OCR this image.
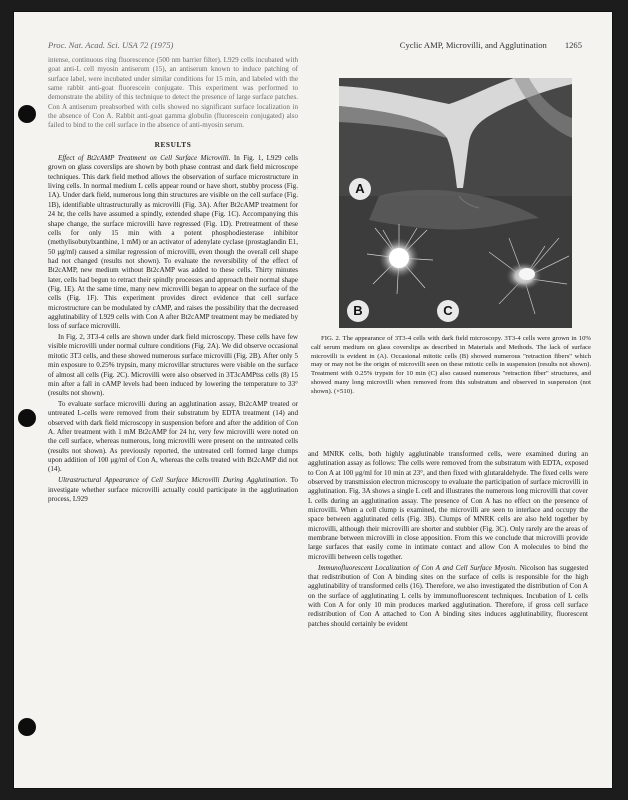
Proc. Nat. Acad. Sci. USA 72 (1975)	Cyclic AMP, Microvilli, and Agglutination 1265

intense, continuous ring fluorescence (500 nm barrier filter). L929 cells incubated with goat anti-L cell myosin antiserum (15), an antiserum known to induce patching of surface label, were incubated under similar conditions for 15 min, and labeled with the same rabbit anti-goat fluorescein conjugate. This experiment was performed to demonstrate the ability of this technique to detect the presence of large surface patches. Con A antiserum preabsorbed with cells showed no significant surface localization in the absence of Con A. Rabbit anti-goat gamma globulin (fluorescein conjugated) also failed to bind to the cell surface in the absence of anti-myosin serum.

RESULTS

Effect of Bt2cAMP Treatment on Cell Surface Microvilli. In Fig. 1, L929 cells grown on glass coverslips are shown by both phase contrast and dark field microscope techniques. This dark field method allows the observation of surface microstructure in living cells. In normal medium L cells appear round or have short, stubby process (Fig. 1A). Under dark field, numerous long thin structures are visible on the cell surface (Fig. 1B), identifiable ultrastructurally as microvilli (Fig. 3A). After Bt2cAMP treatment for 24 hr, the cells have assumed a spindly, extended shape (Fig. 1C). Accompanying this shape change, the surface microvilli have regressed (Fig. 1D). Pretreatment of these cells for only 15 min with a potent phosphodiesterase inhibitor (methylisobutylxanthine, 1 mM) or an activator of adenylate cyclase (prostaglandin E1, 50 μg/ml) caused a similar regression of microvilli, even though the overall cell shape had not changed (results not shown). To evaluate the reversibility of the effect of Bt2cAMP, new medium without Bt2cAMP was added to these cells. Thirty minutes later, cells had begun to retract their spindly processes and approach their normal shape (Fig. 1E). At the same time, many new microvilli began to appear on the surface of the cells (Fig. 1F). This experiment provides direct evidence that cell surface microstructure can be modulated by cAMP, and raises the possibility that the decreased agglutinability of L929 cells with Con A after Bt2cAMP treatment may be mediated by loss of surface microvilli.

In Fig. 2, 3T3-4 cells are shown under dark field microscopy. These cells have few visible microvilli under normal culture conditions (Fig. 2A). We did observe occasional mitotic 3T3 cells, and these showed numerous surface microvilli (Fig. 2B). After only 5 min exposure to 0.25% trypsin, many microvillar structures were visible on the surface of almost all cells (Fig. 2C). Microvilli were also observed in 3T3cAMPtss cells (8) 15 min after a fall in cAMP levels had been induced by lowering the temperature to 33° (results not shown).

To evaluate surface microvilli during an agglutination assay, Bt2cAMP treated or untreated L-cells were removed from their substratum by EDTA treatment (14) and observed with dark field microscopy in suspension before and after the addition of Con A. After treatment with 1 mM Bt2cAMP for 24 hr, very few microvilli were noted on the cell surface, whereas numerous, long microvilli were present on the untreated cells (results not shown). As previously reported, the untreated cell formed large clumps upon addition of 100 μg/ml of Con A, whereas the cells treated with Bt2cAMP did not (14).

Ultrastructural Appearance of Cell Surface Microvilli During Agglutination. To investigate whether surface microvilli actually could participate in the agglutination process, L929

A
B	C

FIG. 2. The appearance of 3T3-4 cells with dark field microscopy. 3T3-4 cells were grown in 10% calf serum medium on glass coverslips as described in Materials and Methods. The lack of surface microvilli is evident in (A). Occasional mitotic cells (B) showed numerous "retraction fibers" which may or may not be the origin of microvilli seen on these mitotic cells in suspension (results not shown). Treatment with 0.25% trypsin for 10 min (C) also caused numerous "retraction fiber" structures, and showed many long microvilli when removed from this substratum and observed in suspension (not shown). (×510).

and MNRK cells, both highly agglutinable transformed cells, were examined during an agglutination assay as follows: The cells were removed from the substratum with EDTA, exposed to Con A at 100 μg/ml for 10 min at 23°, and then fixed with glutaraldehyde. The fixed cells were observed by transmission electron microscopy to evaluate the participation of surface microvilli in agglutination. Fig. 3A shows a single L cell and illustrates the numerous long microvilli that cover L cells during an agglutination assay. The presence of Con A has no effect on the presence of microvilli. When a cell clump is examined, the microvilli are seen to interlace and occupy the space between agglutinated cells (Fig. 3B). Clumps of MNRK cells are also held together by microvilli, although their microvilli are shorter and stubbier (Fig. 3C). Only rarely are the areas of membrane between microvilli in close apposition. From this we conclude that microvilli provide large surfaces that easily come in intimate contact and allow Con A molecules to bind the microvilli between cells together.

Immunofluorescent Localization of Con A and Cell Surface Myosin. Nicolson has suggested that redistribution of Con A binding sites on the surface of cells is responsible for the high agglutinability of transformed cells (16). Therefore, we also investigated the distribution of Con A on the surface of agglutinating L cells by immunofluorescent techniques. Incubation of L cells with Con A for only 10 min produces marked agglutination. Therefore, if gross cell surface redistribution of Con A attached to Con A binding sites induces agglutinability, fluorescent patches should certainly be evident
